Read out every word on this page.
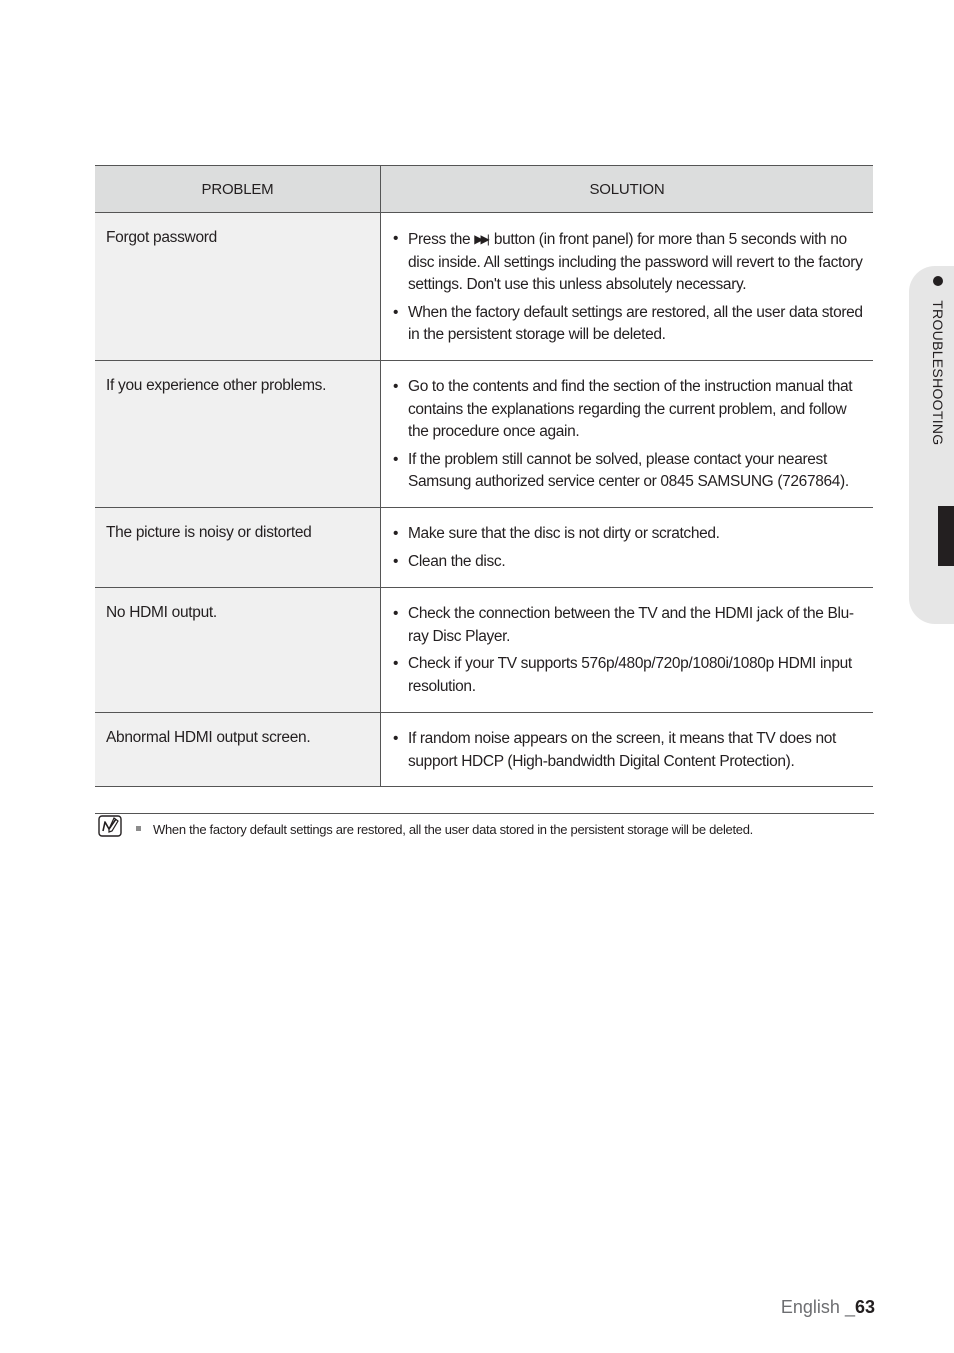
PROBLEM	SOLUTION
Forgot password	• Press the ▶▶| button (in front panel) for more than 5 seconds with no disc inside. All settings including the password will revert to the factory settings. Don't use this unless absolutely necessary.
• When the factory default settings are restored, all the user data stored in the persistent storage will be deleted.
If you experience other problems.	• Go to the contents and find the section of the instruction manual that contains the explanations regarding the current problem, and follow the procedure once again.
• If the problem still cannot be solved, please contact your nearest Samsung authorized service center or 0845 SAMSUNG (7267864).
The picture is noisy or distorted	• Make sure that the disc is not dirty or scratched.
• Clean the disc.
No HDMI output.	• Check the connection between the TV and the HDMI jack of the Blu-ray Disc Player.
• Check if your TV supports 576p/480p/720p/1080i/1080p HDMI input resolution.
Abnormal HDMI output screen.	• If random noise appears on the screen, it means that TV does not support HDCP (High-bandwidth Digital Content Protection).
When the factory default settings are restored, all the user data stored in the persistent storage will be deleted.
TROUBLESHOOTING
English _63
